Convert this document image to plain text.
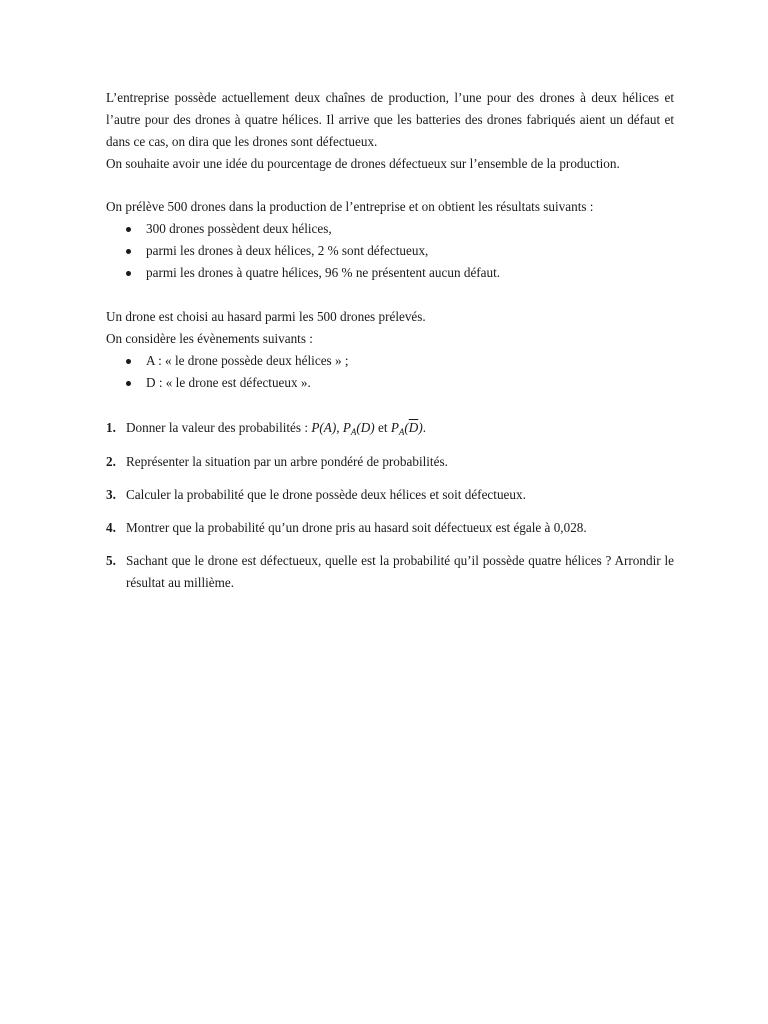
L’entreprise possède actuellement deux chaînes de production, l’une pour des drones à deux hélices et
l’autre pour des drones à quatre hélices. Il arrive que les batteries des drones fabriqués aient un défaut et
dans ce cas, on dira que les drones sont défectueux.
On souhaite avoir une idée du pourcentage de drones défectueux sur l’ensemble de la production.
On prélève 500 drones dans la production de l’entreprise et on obtient les résultats suivants :
300 drones possèdent deux hélices,
parmi les drones à deux hélices, 2 % sont défectueux,
parmi les drones à quatre hélices, 96 % ne présentent aucun défaut.
Un drone est choisi au hasard parmi les 500 drones prélevés.
On considère les évènements suivants :
A : « le drone possède deux hélices » ;
D : « le drone est défectueux ».
1. Donner la valeur des probabilités : P(A), $P_A(D)$ et $P_A(\overline{D})$.
2. Représenter la situation par un arbre pondéré de probabilités.
3. Calculer la probabilité que le drone possède deux hélices et soit défectueux.
4. Montrer que la probabilité qu’un drone pris au hasard soit défectueux est égale à 0,028.
5. Sachant que le drone est défectueux, quelle est la probabilité qu’il possède quatre hélices ? Arrondir le
résultat au millième.
